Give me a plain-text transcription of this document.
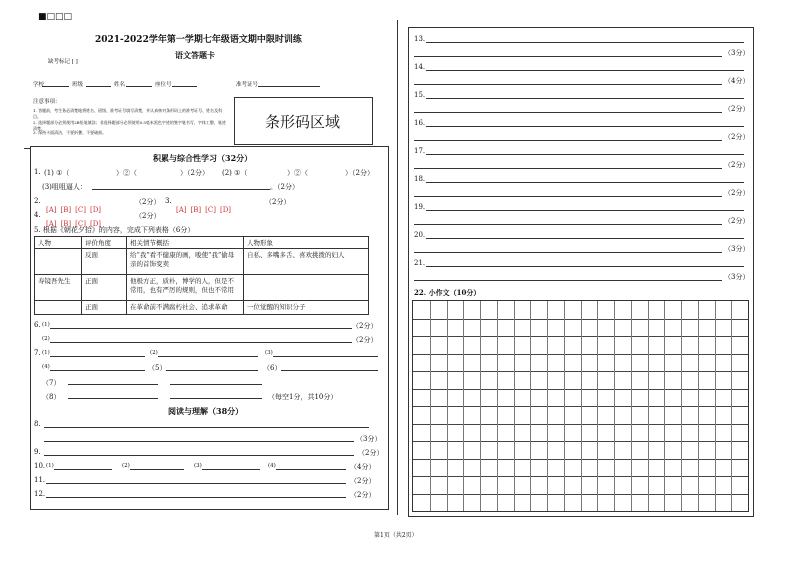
■□□□
2021-2022学年第一学期七年级语文期中限时训练
语文答题卡
缺考标记 [ ]
学校	班级	姓名	座位号	准考证号
注意事项：
1. 答题前，考生务必清楚地将姓名、班级、准考证号填写清楚，并认真核对条形码上的准考证号、姓名及科目。
2. 选择题部分必须使用2B铅笔填涂；非选择题部分必须使用0.5毫米黑色字迹的签字笔书写，字体工整、笔迹清楚。
3. 保持卡面清洁，不要折叠、不要破损。
条形码区域
积累与综合性学习（32分）
1. (1) ①（	）②（	）（2分） (2) ①（	）②（	）（2分）
(3)咀咀逼人：	。（2分）
2.
[A] [B] [C] [D]
（2分） 3.
[A] [B] [C] [D]
（2分）
4.
[A] [B] [C] [D]
（2分）
5. 根据《朝花夕拾》的内容，完成下列表格（6分）
人物	评价角度	相关情节概括	人物形象
	反面	给“我”看不健康的画，唆使“我”偷母亲的首饰变卖	自私、多嘴多舌、喜欢挑拨的妇人
寿镜吾先生	正面	他极方正，质朴，博学的人，但是不常用，也有严厉的规则，但也不常用	
	正面	在革命前不满腐朽社会、追求革命	一位觉醒的知识分子
6. (1)	（2分）
(2)	（2分）
7. (1)	(2)	(3)
(4)	（5）	（6）
（7）
（8）	（每空1分，共10分）
阅读与理解（38分）
8.
（3分）
9.	（2分）
10. (1)	(2)	(3)	(4)	（4分）
11.	（2分）
12.	（2分）
13.
（3分）
14.
（4分）
15.
（2分）
16.
（2分）
17.
（2分）
18.
（2分）
19.
（2分）
20.
（3分）
21.
（3分）
22. 小作文（10分）
第1页（共2页）
